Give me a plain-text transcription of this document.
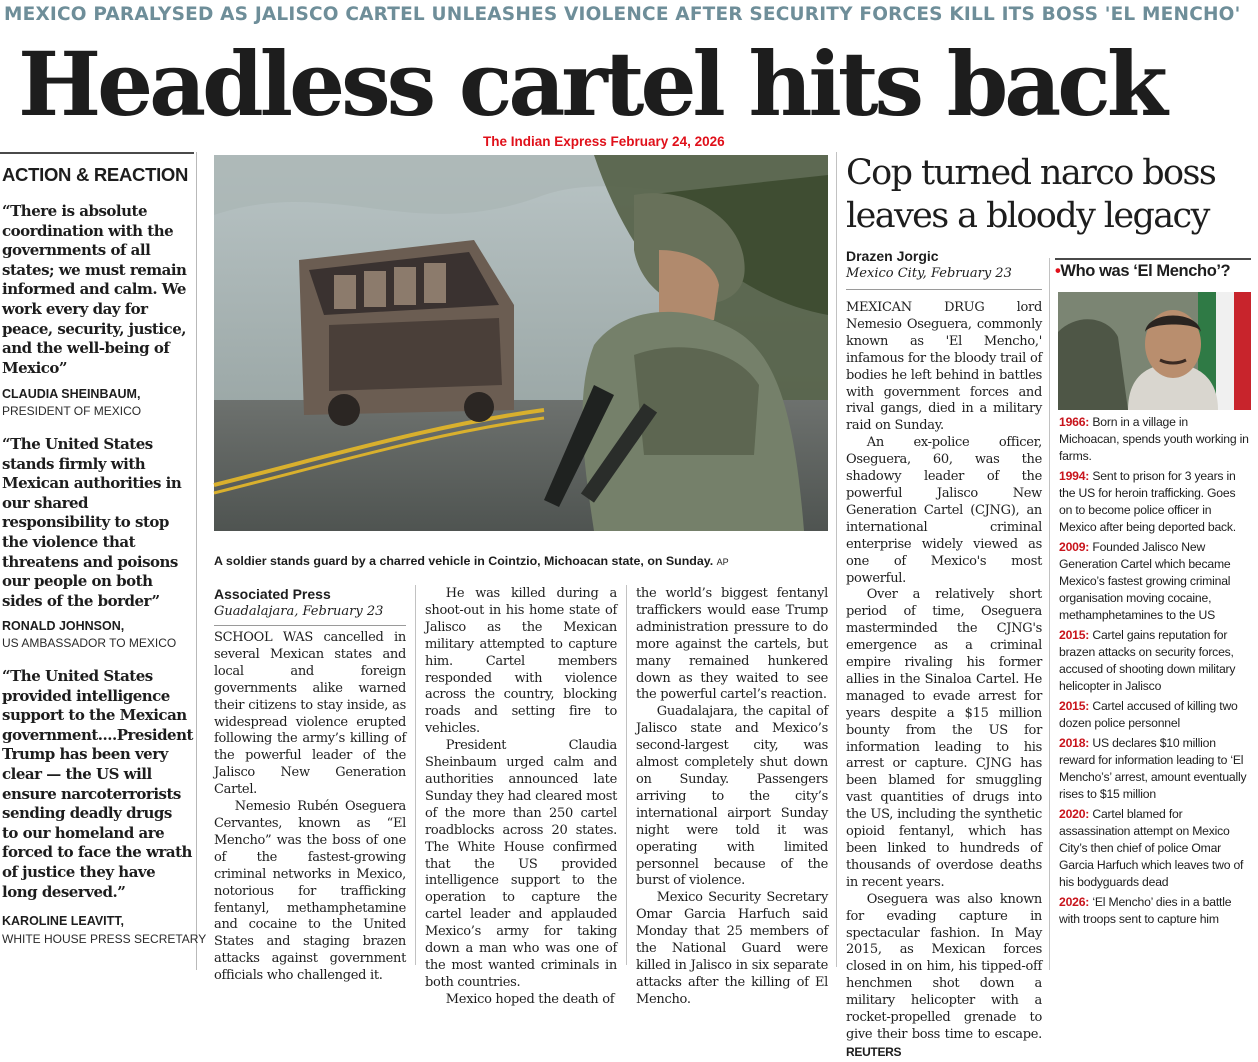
MEXICO PARALYSED AS JALISCO CARTEL UNLEASHES VIOLENCE AFTER SECURITY FORCES KILL ITS BOSS 'EL MENCHO'
Headless cartel hits back
The Indian Express February 24, 2026
ACTION & REACTION
“There is absolute coordination with the governments of all states; we must remain informed and calm. We work every day for peace, security, justice, and the well-being of Mexico”
CLAUDIA SHEINBAUM,
PRESIDENT OF MEXICO
“The United States stands firmly with Mexican authorities in our shared responsibility to stop the violence that threatens and poisons our people on both sides of the border”
RONALD JOHNSON,
US AMBASSADOR TO MEXICO
“The United States provided intelligence support to the Mexican government....President Trump has been very clear — the US will ensure narcoterrorists sending deadly drugs to our homeland are forced to face the wrath of justice they have long deserved.”
KAROLINE LEAVITT,
WHITE HOUSE PRESS SECRETARY
A soldier stands guard by a charred vehicle in Cointzio, Michoacan state, on Sunday. AP
Associated Press
Guadalajara, February 23

SCHOOL WAS cancelled in several Mexican states and local and foreign governments alike warned their citizens to stay inside, as widespread violence erupted following the army’s killing of the powerful leader of the Jalisco New Generation Cartel.

Nemesio Rubén Oseguera Cervantes, known as “El Mencho” was the boss of one of the fastest-growing criminal networks in Mexico, notorious for trafficking fentanyl, methamphetamine and cocaine to the United States and staging brazen attacks against government officials who challenged it.

He was killed during a shoot-out in his home state of Jalisco as the Mexican military attempted to capture him. Cartel members responded with violence across the country, blocking roads and setting fire to vehicles.

President Claudia Sheinbaum urged calm and authorities announced late Sunday they had cleared most of the more than 250 cartel roadblocks across 20 states. The White House confirmed that the US provided intelligence support to the operation to capture the cartel leader and applauded Mexico’s army for taking down a man who was one of the most wanted criminals in both countries.

Mexico hoped the death of

the world’s biggest fentanyl traffickers would ease Trump administration pressure to do more against the cartels, but many remained hunkered down as they waited to see the powerful cartel’s reaction.

Guadalajara, the capital of Jalisco state and Mexico’s second-largest city, was almost completely shut down on Sunday. Passengers arriving to the city’s international airport Sunday night were told it was operating with limited personnel because of the burst of violence.

Mexico Security Secretary Omar Garcia Harfuch said Monday that 25 members of the National Guard were killed in Jalisco in six separate attacks after the killing of El Mencho.

Cop turned narco boss leaves a bloody legacy
Drazen Jorgic
Mexico City, February 23

MEXICAN DRUG lord Nemesio Oseguera, commonly known as 'El Mencho,' infamous for the bloody trail of bodies he left behind in battles with government forces and rival gangs, died in a military raid on Sunday.

An ex-police officer, Oseguera, 60, was the shadowy leader of the powerful Jalisco New Generation Cartel (CJNG), an international criminal enterprise widely viewed as one of Mexico's most powerful.

Over a relatively short period of time, Oseguera masterminded the CJNG's emergence as a criminal empire rivaling his former allies in the Sinaloa Cartel. He managed to evade arrest for years despite a $15 million bounty from the US for information leading to his arrest or capture. CJNG has been blamed for smuggling vast quantities of drugs into the US, including the synthetic opioid fentanyl, which has been linked to hundreds of thousands of overdose deaths in recent years.

Oseguera was also known for evading capture in spectacular fashion. In May 2015, as Mexican forces closed in on him, his tipped-off henchmen shot down a military helicopter with a rocket-propelled grenade to give their boss time to escape. REUTERS

•Who was ‘El Mencho’?
1966: Born in a village in Michoacan, spends youth working in farms.
1994: Sent to prison for 3 years in the US for heroin trafficking. Goes on to become police officer in Mexico after being deported back.
2009: Founded Jalisco New Generation Cartel which became Mexico’s fastest growing criminal organisation moving cocaine, methamphetamines to the US
2015: Cartel gains reputation for brazen attacks on security forces, accused of shooting down military helicopter in Jalisco
2015: Cartel accused of killing two dozen police personnel
2018: US declares $10 million reward for information leading to ‘El Mencho’s’ arrest, amount eventually rises to $15 million
2020: Cartel blamed for assassination attempt on Mexico City’s then chief of police Omar Garcia Harfuch which leaves two of his bodyguards dead
2026: ‘El Mencho’ dies in a battle with troops sent to capture him
